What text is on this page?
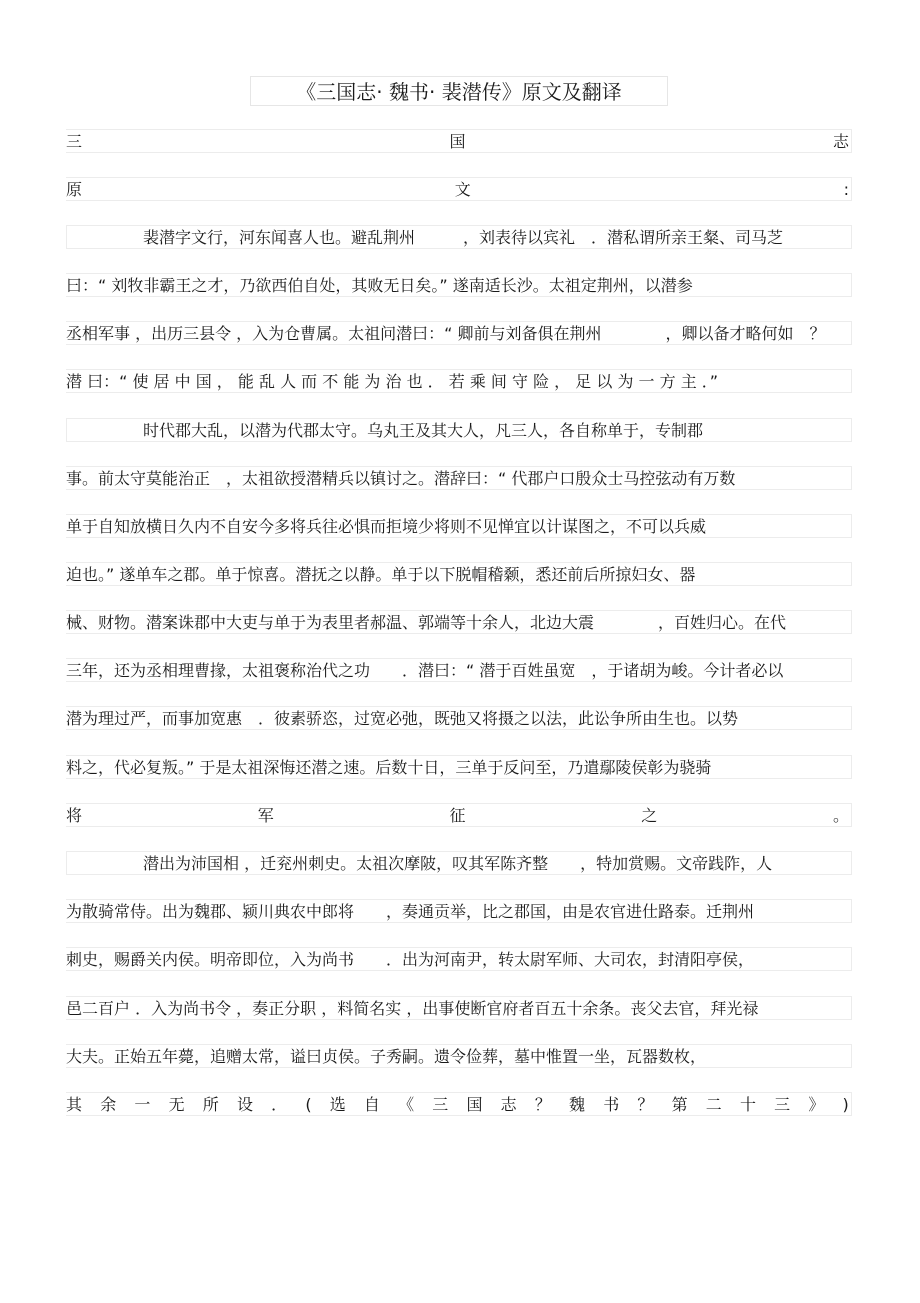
《三国志· 魏书· 裴潜传》原文及翻译
三	国	志
原	文	:
裴潜字文行，河东闻喜人也。避乱荆州　　　，刘表待以宾礼　．潜私谓所亲王粲、司马芝
曰：“ 刘牧非霸王之才，乃欲西伯自处，其败无日矣。” 遂南适长沙。太祖定荆州，以潜参
丞相军事 ，出历三县令 ，入为仓曹属。太祖问潜曰：“ 卿前与刘备俱在荆州　　　　，卿以备才略何如　？
潜 曰：“ 使 居 中 国 ， 能 乱 人 而 不 能 为 治 也 ． 若 乘 间 守 险 ， 足 以 为 一 方 主 ．”
时代郡大乱，以潜为代郡太守。乌丸王及其大人，凡三人，各自称单于，专制郡
事。前太守莫能治正　，太祖欲授潜精兵以镇讨之。潜辞曰：“ 代郡户口殷众士马控弦动有万数
单于自知放横日久内不自安今多将兵往必惧而拒境少将则不见惮宜以计谋图之，不可以兵威
迫也。” 遂单车之郡。单于惊喜。潜抚之以静。单于以下脱帽稽颡，悉还前后所掠妇女、器
械、财物。潜案诛郡中大吏与单于为表里者郝温、郭端等十余人，北边大震　　　　，百姓归心。在代
三年，还为丞相理曹掾，太祖褒称治代之功　　．潜曰：“ 潜于百姓虽宽　，于诸胡为峻。今计者必以
潜为理过严，而事加宽惠　．彼素骄恣，过宽必弛，既弛又将摄之以法，此讼争所由生也。以势
料之，代必复叛。” 于是太祖深悔还潜之速。后数十日，三单于反问至，乃遣鄢陵侯彰为骁骑
将	军	征	之	。
潜出为沛国相 ，迁兖州刺史。太祖次摩陂，叹其军陈齐整　　，特加赏赐。文帝践阼，人
为散骑常侍。出为魏郡、颍川典农中郎将　　，奏通贡举，比之郡国，由是农官进仕路泰。迁荆州
刺史，赐爵关内侯。明帝即位，入为尚书　　．出为河南尹，转太尉军师、大司农，封清阳亭侯，
邑二百户 ．入为尚书令 ，奏正分职 ，料简名实 ，出事使断官府者百五十余条。丧父去官，拜光禄
大夫。正始五年薨，追赠太常，谥曰贞侯。子秀嗣。遗令俭葬，墓中惟置一坐，瓦器数枚，
其 余 一 无 所 设 ． ( 选 自 《 三 国 志 ？ 魏 书 ？ 第 二 十 三 》 )
